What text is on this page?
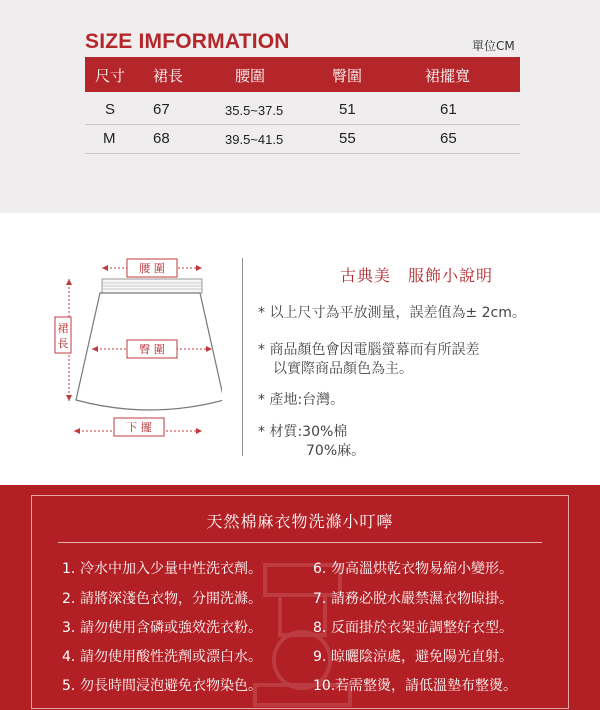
SIZE IMFORMATION	單位CM
尺寸 裙長	腰圍	臀圍	裙擺寬
S	67	35.5~37.5	51	61
M	68	39.5~41.5	55	65
腰 圍
臀 圍
裙
長
下 擺
古典美　服飾小說明
* 以上尺寸為平放測量，誤差值為± 2cm。
* 商品顏色會因電腦螢幕而有所誤差
以實際商品顏色為主。
* 產地:台灣。
* 材質:30%棉
70%麻。
天然棉麻衣物洗滌小叮嚀
1. 冷水中加入少量中性洗衣劑。
2. 請將深淺色衣物，分開洗滌。
3. 請勿使用含磷或強效洗衣粉。
4. 請勿使用酸性洗劑或漂白水。
5. 勿長時間浸泡避免衣物染色。
6. 勿高溫烘乾衣物易縮小變形。
7. 請務必脫水嚴禁濕衣物晾掛。
8. 反面掛於衣架並調整好衣型。
9. 晾曬陰涼處，避免陽光直射。
10.若需整燙，請低溫墊布整燙。
